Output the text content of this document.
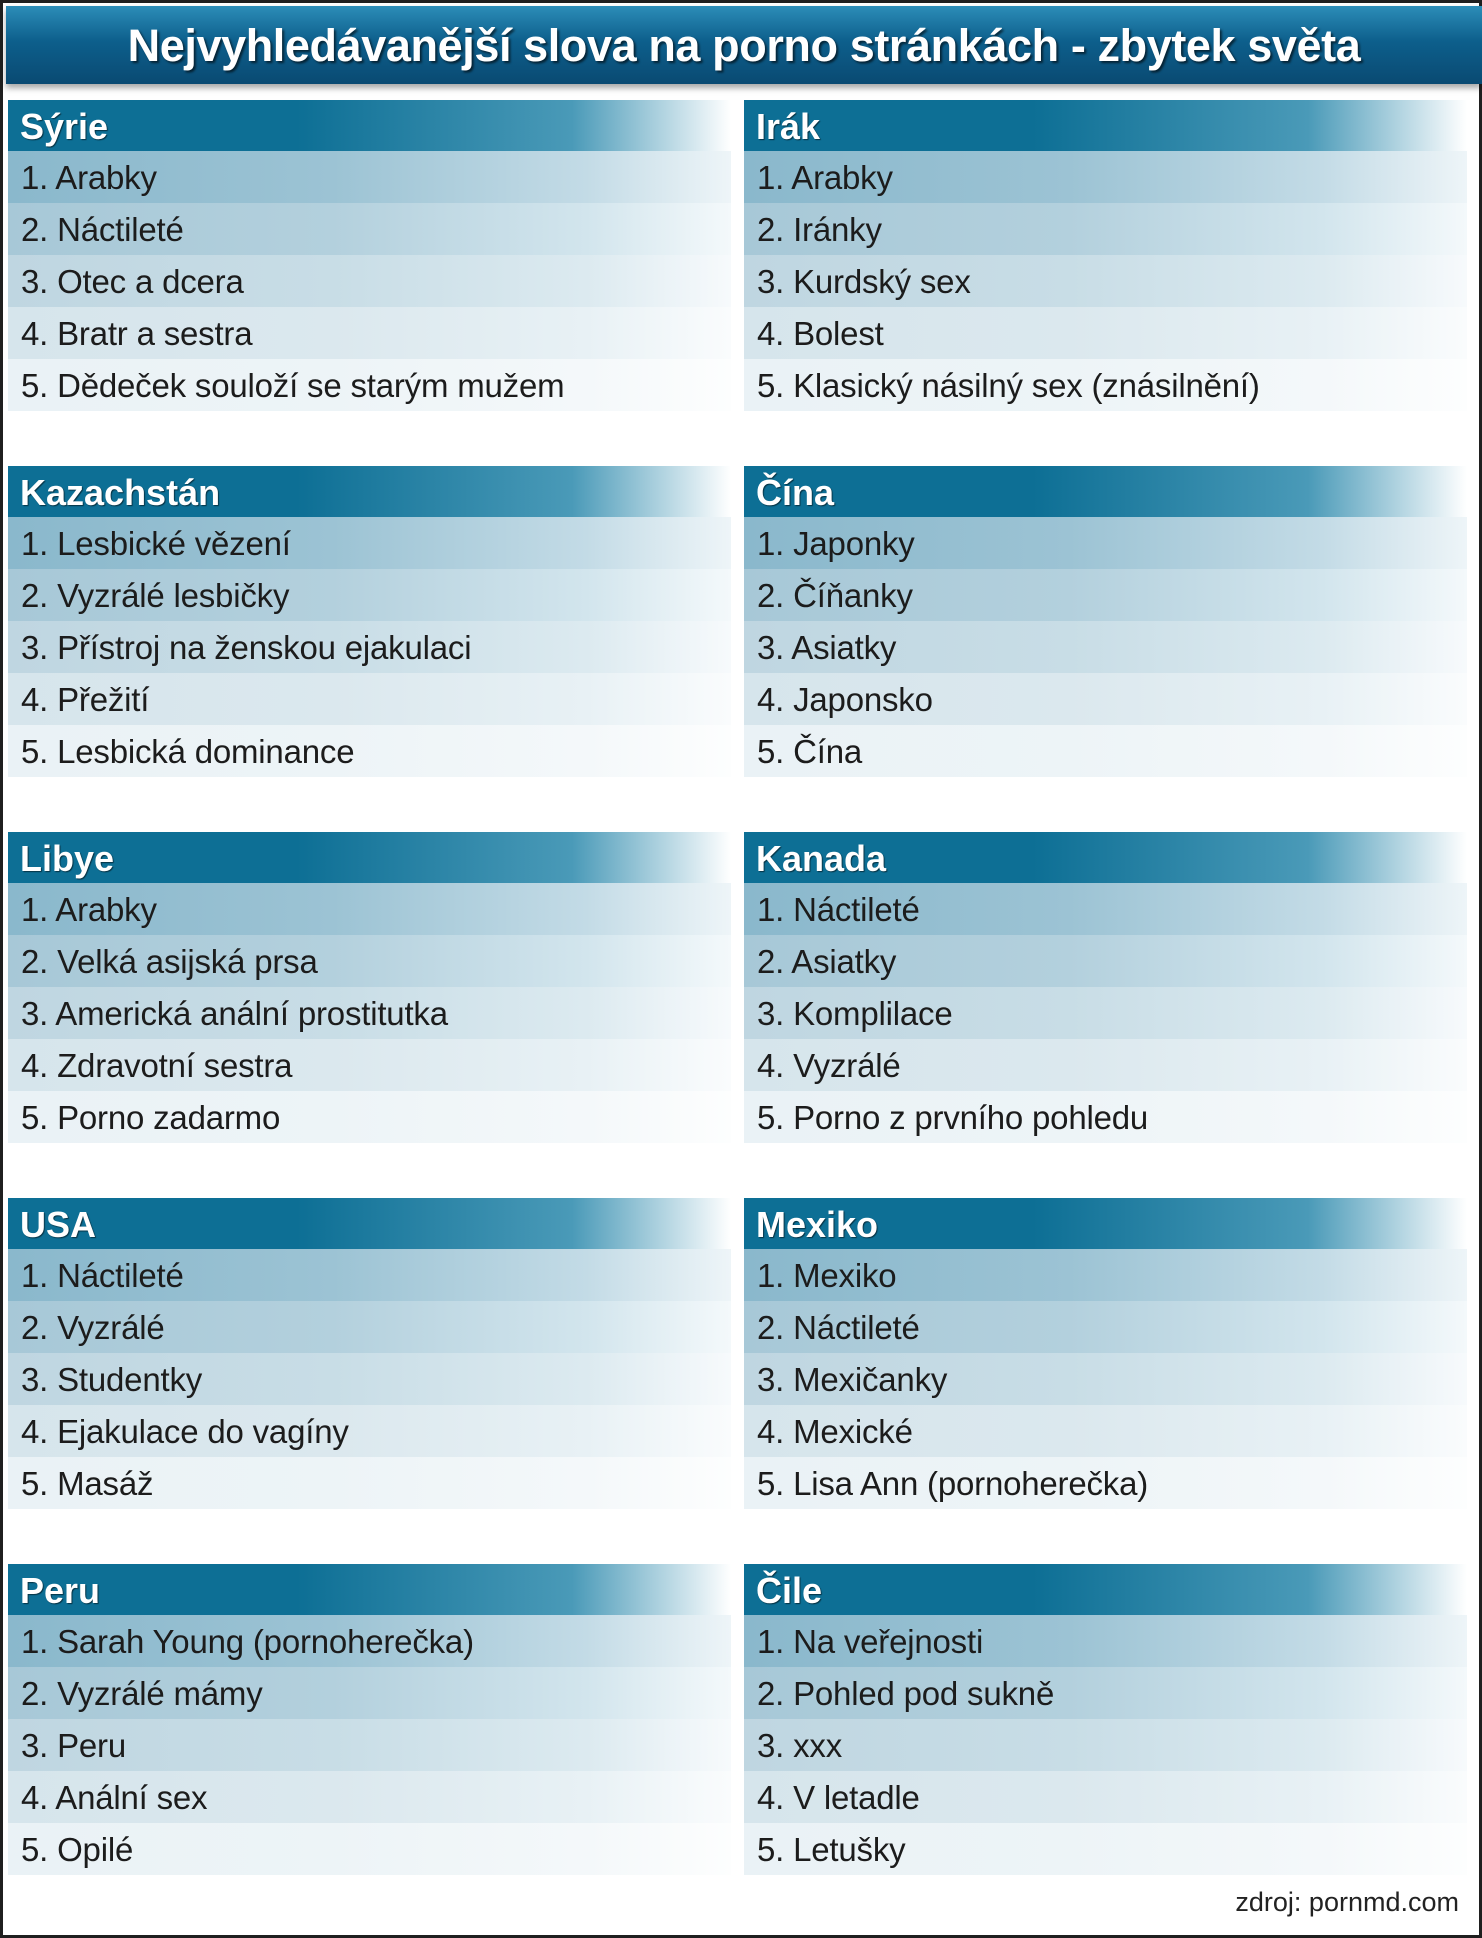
Nejvyhledávanější slova na porno stránkách - zbytek světa
Sýrie
1. Arabky
2. Náctileté
3. Otec a dcera
4. Bratr a sestra
5. Dědeček souloží se starým mužem
Irák
1. Arabky
2. Iránky
3. Kurdský sex
4. Bolest
5. Klasický násilný sex (znásilnění)
Kazachstán
1. Lesbické vězení
2. Vyzrálé lesbičky
3. Přístroj na ženskou ejakulaci
4. Přežití
5. Lesbická dominance
Čína
1. Japonky
2. Číňanky
3. Asiatky
4. Japonsko
5. Čína
Libye
1. Arabky
2. Velká asijská prsa
3. Americká anální prostitutka
4. Zdravotní sestra
5. Porno zadarmo
Kanada
1. Náctileté
2. Asiatky
3. Komplilace
4. Vyzrálé
5. Porno z prvního pohledu
USA
1. Náctileté
2. Vyzrálé
3. Studentky
4. Ejakulace do vagíny
5. Masáž
Mexiko
1. Mexiko
2. Náctileté
3. Mexičanky
4. Mexické
5. Lisa Ann (pornoherečka)
Peru
1. Sarah Young (pornoherečka)
2. Vyzrálé mámy
3. Peru
4. Anální sex
5. Opilé
Čile
1. Na veřejnosti
2. Pohled pod sukně
3. xxx
4. V letadle
5. Letušky
zdroj: pornmd.com
